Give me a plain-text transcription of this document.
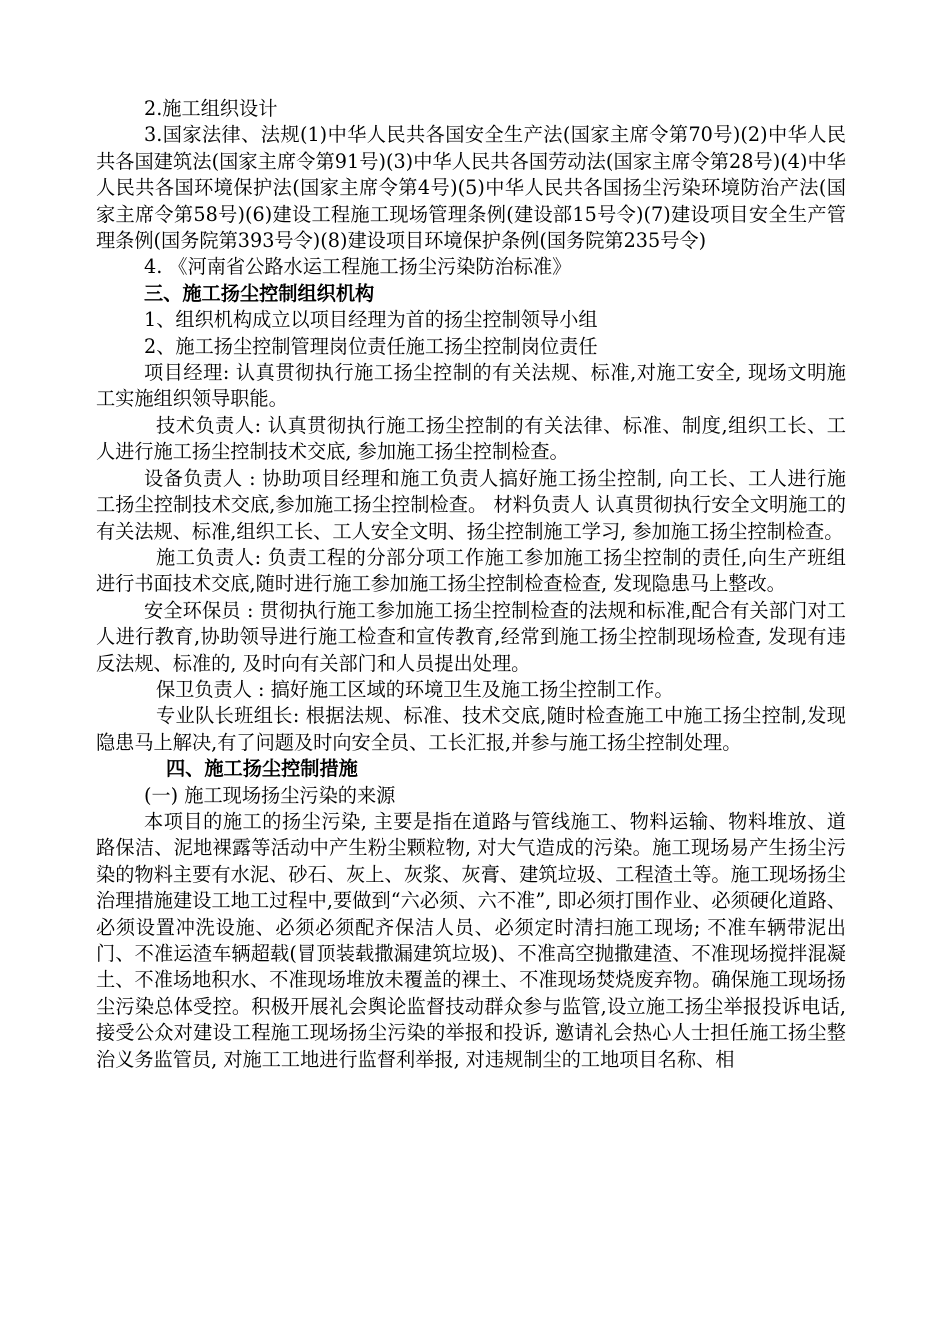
2.施工组织设计

3.国家法律、法规(1)中华人民共各国安全生产法(国家主席令第70号)(2)中华人民共各国建筑法(国家主席令第91号)(3)中华人民共各国劳动法(国家主席令第28号)(4)中华人民共各国环境保护法(国家主席令第4号)(5)中华人民共各国扬尘污染环境防治产法(国家主席令第58号)(6)建设工程施工现场管理条例(建设部15号令)(7)建设项目安全生产管理条例(国务院第393号令)(8)建设项目环境保护条例(国务院第235号令)

4. 《河南省公路水运工程施工扬尘污染防治标准》

三、施工扬尘控制组织机构

1、组织机构成立以项目经理为首的扬尘控制领导小组

2、施工扬尘控制管理岗位责任施工扬尘控制岗位责任

项目经理: 认真贯彻执行施工扬尘控制的有关法规、标准,对施工安全, 现场文明施工实施组织领导职能。

技术负责人: 认真贯彻执行施工扬尘控制的有关法律、标准、制度,组织工长、工人进行施工扬尘控制技术交底, 参加施工扬尘控制检查。

设备负责人 : 协助项目经理和施工负责人搞好施工扬尘控制, 向工长、工人进行施工扬尘控制技术交底,参加施工扬尘控制检查。 材料负责人 认真贯彻执行安全文明施工的有关法规、标准,组织工长、工人安全文明、扬尘控制施工学习, 参加施工扬尘控制检查。

施工负责人: 负责工程的分部分项工作施工参加施工扬尘控制的责任,向生产班组进行书面技术交底,随时进行施工参加施工扬尘控制检查检查, 发现隐患马上整改。

安全环保员 : 贯彻执行施工参加施工扬尘控制检查的法规和标准,配合有关部门对工人进行教育,协助领导进行施工检查和宣传教育,经常到施工扬尘控制现场检查, 发现有违反法规、标准的, 及时向有关部门和人员提出处理。

保卫负责人 : 搞好施工区域的环境卫生及施工扬尘控制工作。

专业队长班组长: 根据法规、标准、技术交底,随时检查施工中施工扬尘控制,发现隐患马上解决,有了问题及时向安全员、工长汇报,并参与施工扬尘控制处理。

四、施工扬尘控制措施

(一) 施工现场扬尘污染的来源

本项目的施工的扬尘污染, 主要是指在道路与管线施工、物料运输、物料堆放、道路保洁、泥地裸露等活动中产生粉尘颗粒物, 对大气造成的污染。施工现场易产生扬尘污染的物料主要有水泥、砂石、灰上、灰浆、灰膏、建筑垃圾、工程渣土等。施工现场扬尘治理措施建设工地工过程中,要做到“六必须、六不准”, 即必须打围作业、必须硬化道路、必须设置冲洗设施、必须必须配齐保洁人员、必须定时清扫施工现场; 不准车辆带泥出门、不准运渣车辆超载(冒顶装载撒漏建筑垃圾)、不准高空抛撒建渣、不准现场搅拌混凝土、不准场地积水、不准现场堆放未覆盖的裸土、不准现场焚烧废弃物。确保施工现场扬尘污染总体受控。积极开展礼会舆论监督技动群众参与监管,设立施工扬尘举报投诉电话,接受公众对建设工程施工现场扬尘污染的举报和投诉, 邀请礼会热心人士担任施工扬尘整治义务监管员, 对施工工地进行监督利举报, 对违规制尘的工地项目名称、相
